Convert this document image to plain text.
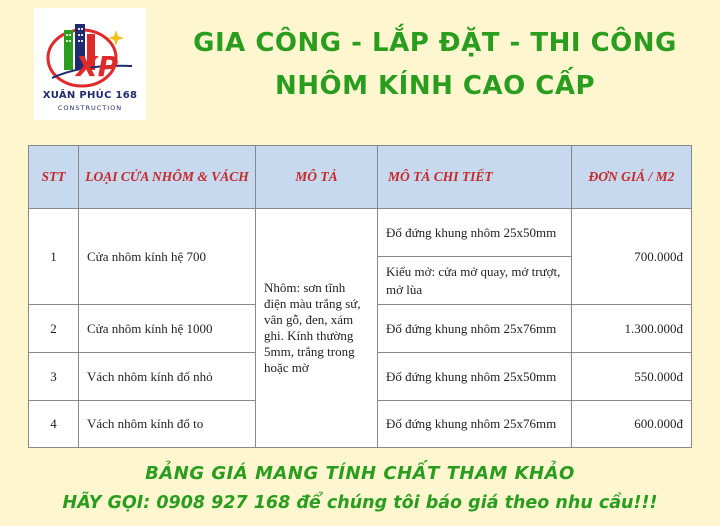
XP
XUÂN PHÚC 168
CONSTRUCTION
GIA CÔNG - LẮP ĐẶT - THI CÔNG
NHÔM KÍNH CAO CẤP
STT	LOẠI CỬA NHÔM & VÁCH	MÔ TẢ	MÔ TẢ CHI TIẾT	ĐƠN GIÁ / M2
1	Cửa nhôm kính hệ 700	Nhôm: sơn tĩnh điện màu trắng sứ, vân gỗ, đen, xám ghi. Kính thường 5mm, trắng trong hoặc mờ	Đố đứng khung nhôm 25x50mm	700.000đ
			Kiểu mở: cửa mở quay, mở trượt, mở lùa	
2	Cửa nhôm kính hệ 1000		Đố đứng khung nhôm 25x76mm	1.300.000đ
3	Vách nhôm kính đố nhỏ		Đố đứng khung nhôm 25x50mm	550.000đ
4	Vách nhôm kính đố to		Đố đứng khung nhôm 25x76mm	600.000đ
BẢNG GIÁ MANG TÍNH CHẤT THAM KHẢO
HÃY GỌI: 0908 927 168 để chúng tôi báo giá theo nhu cầu!!!
